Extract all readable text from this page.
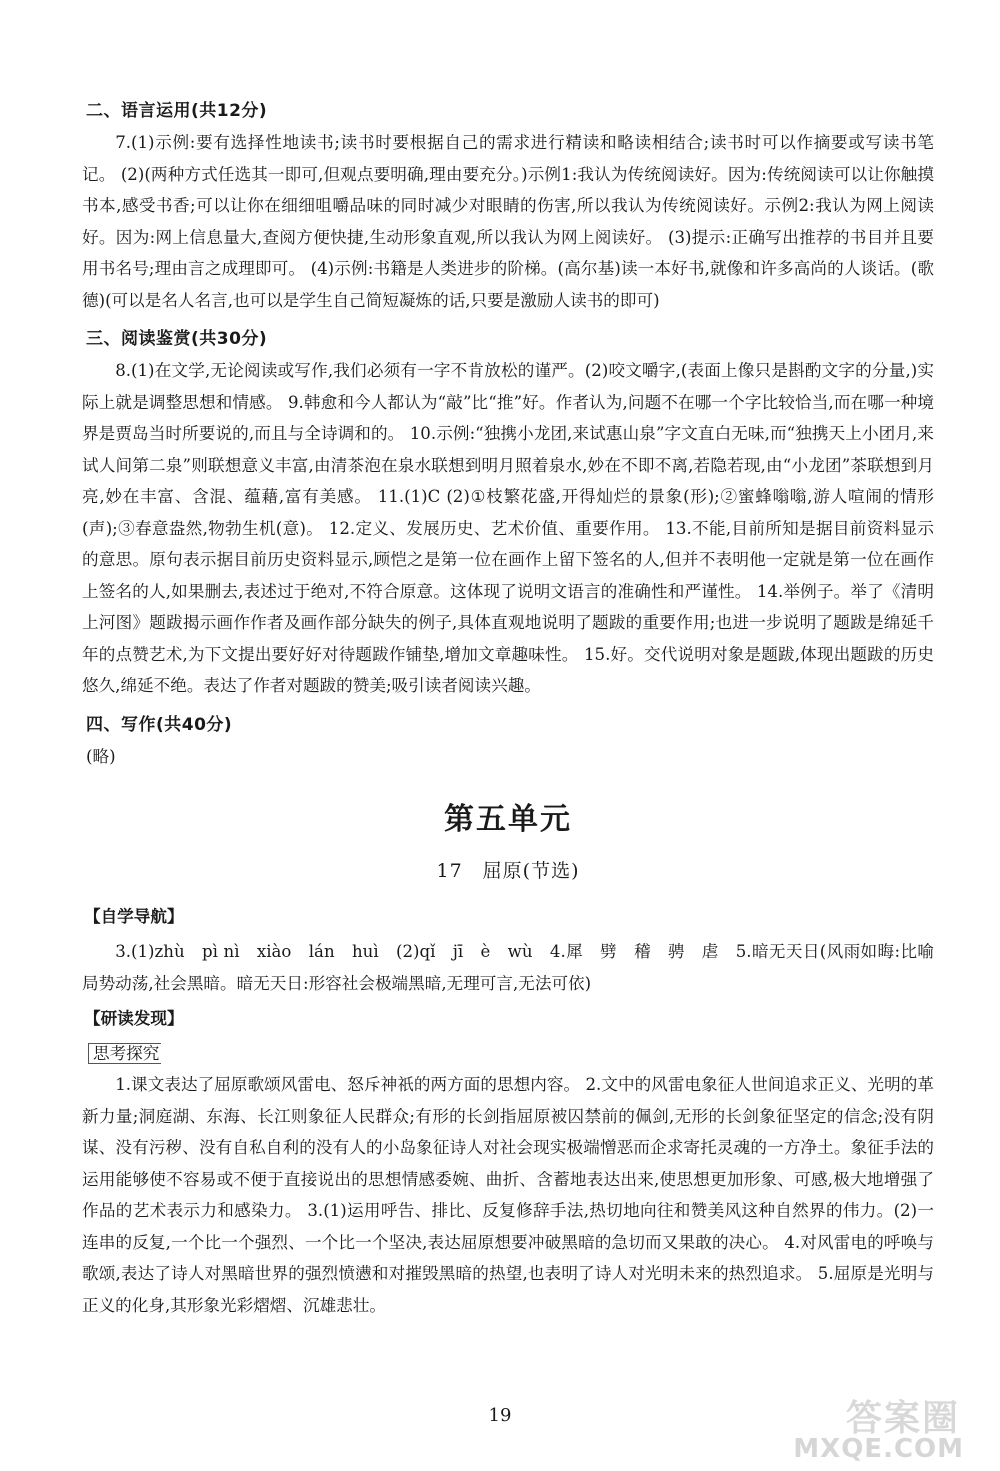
二、语言运用(共12分)

7.(1)示例:要有选择性地读书;读书时要根据自己的需求进行精读和略读相结合;读书时可以作摘要或写读书笔记。 (2)(两种方式任选其一即可,但观点要明确,理由要充分。)示例1:我认为传统阅读好。因为:传统阅读可以让你触摸书本,感受书香;可以让你在细细咀嚼品味的同时减少对眼睛的伤害,所以我认为传统阅读好。示例2:我认为网上阅读好。因为:网上信息量大,查阅方便快捷,生动形象直观,所以我认为网上阅读好。 (3)提示:正确写出推荐的书目并且要用书名号;理由言之成理即可。 (4)示例:书籍是人类进步的阶梯。(高尔基)读一本好书,就像和许多高尚的人谈话。(歌德)(可以是名人名言,也可以是学生自己简短凝炼的话,只要是激励人读书的即可)

三、阅读鉴赏(共30分)

8.(1)在文学,无论阅读或写作,我们必须有一字不肯放松的谨严。(2)咬文嚼字,(表面上像只是斟酌文字的分量,)实际上就是调整思想和情感。 9.韩愈和今人都认为“敲”比“推”好。作者认为,问题不在哪一个字比较恰当,而在哪一种境界是贾岛当时所要说的,而且与全诗调和的。 10.示例:“独携小龙团,来试惠山泉”字文直白无味,而“独携天上小团月,来试人间第二泉”则联想意义丰富,由清茶泡在泉水联想到明月照着泉水,妙在不即不离,若隐若现,由“小龙团”茶联想到月亮,妙在丰富、含混、蕴藉,富有美感。 11.(1)C (2)①枝繁花盛,开得灿烂的景象(形);②蜜蜂嗡嗡,游人喧闹的情形(声);③春意盎然,物勃生机(意)。 12.定义、发展历史、艺术价值、重要作用。 13.不能,目前所知是据目前资料显示的意思。原句表示据目前历史资料显示,顾恺之是第一位在画作上留下签名的人,但并不表明他一定就是第一位在画作上签名的人,如果删去,表述过于绝对,不符合原意。这体现了说明文语言的准确性和严谨性。 14.举例子。举了《清明上河图》题跋揭示画作作者及画作部分缺失的例子,具体直观地说明了题跋的重要作用;也进一步说明了题跋是绵延千年的点赞艺术,为下文提出要好好对待题跋作铺垫,增加文章趣味性。 15.好。交代说明对象是题跋,体现出题跋的历史悠久,绵延不绝。表达了作者对题跋的赞美;吸引读者阅读兴趣。

四、写作(共40分)

(略)

第五单元
17　屈原(节选)
【自学导航】

3.(1)zhù　pì nì　xiào　lán　huì　(2)qǐ　jī　è　wù　4.犀　劈　稽　骋　虐　5.暗无天日(风雨如晦:比喻局势动荡,社会黑暗。暗无天日:形容社会极端黑暗,无理可言,无法可依)

【研读发现】
思考探究

1.课文表达了屈原歌颂风雷电、怒斥神祇的两方面的思想内容。 2.文中的风雷电象征人世间追求正义、光明的革新力量;洞庭湖、东海、长江则象征人民群众;有形的长剑指屈原被囚禁前的佩剑,无形的长剑象征坚定的信念;没有阴谋、没有污秽、没有自私自利的没有人的小岛象征诗人对社会现实极端憎恶而企求寄托灵魂的一方净土。象征手法的运用能够使不容易或不便于直接说出的思想情感委婉、曲折、含蓄地表达出来,使思想更加形象、可感,极大地增强了作品的艺术表示力和感染力。 3.(1)运用呼告、排比、反复修辞手法,热切地向往和赞美风这种自然界的伟力。(2)一连串的反复,一个比一个强烈、一个比一个坚决,表达屈原想要冲破黑暗的急切而又果敢的决心。 4.对风雷电的呼唤与歌颂,表达了诗人对黑暗世界的强烈愤懑和对摧毁黑暗的热望,也表明了诗人对光明未来的热烈追求。 5.屈原是光明与正义的化身,其形象光彩熠熠、沉雄悲壮。

19	答案圈
MXQE.COM
